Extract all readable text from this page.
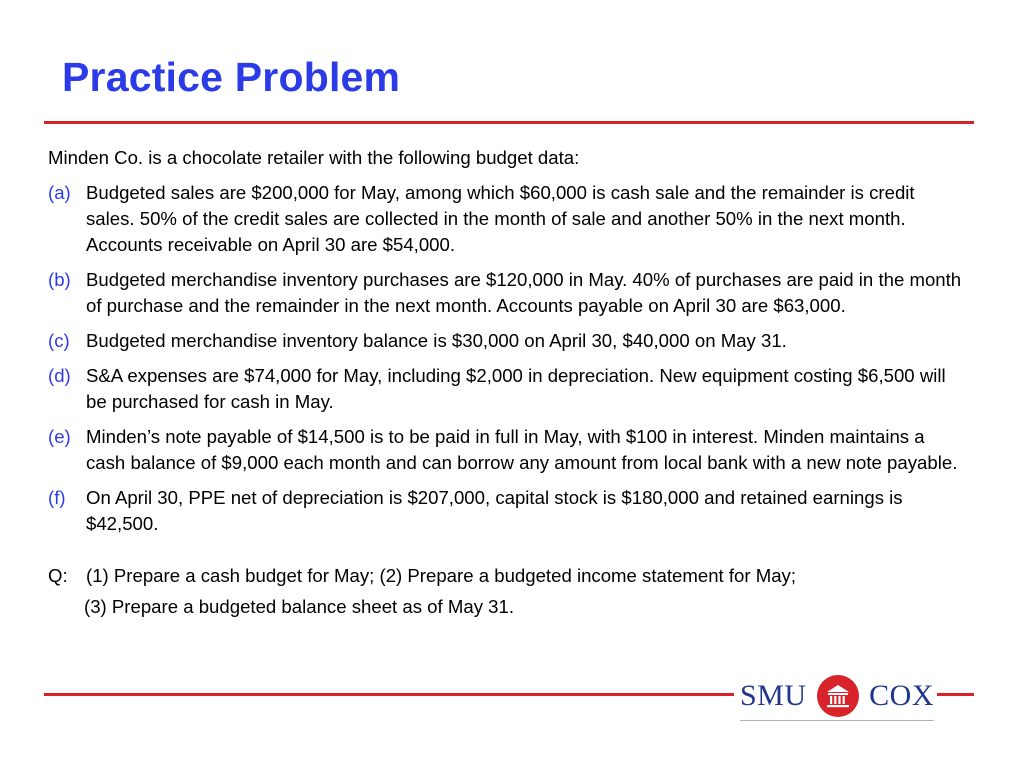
Practice Problem
Minden Co. is a chocolate retailer with the following budget data:
(a) Budgeted sales are $200,000 for May, among which $60,000 is cash sale and the remainder is credit sales. 50% of the credit sales are collected in the month of sale and another 50% in the next month. Accounts receivable on April 30 are $54,000.
(b) Budgeted merchandise inventory purchases are $120,000 in May. 40% of purchases are paid in the month of purchase and the remainder in the next month. Accounts payable on April 30 are $63,000.
(c) Budgeted merchandise inventory balance is $30,000 on April 30, $40,000 on May 31.
(d) S&A expenses are $74,000 for May, including $2,000 in depreciation. New equipment costing $6,500 will be purchased for cash in May.
(e) Minden’s note payable of $14,500 is to be paid in full in May, with $100 in interest. Minden maintains a cash balance of $9,000 each month and can borrow any amount from local bank with a new note payable.
(f)	On April 30, PPE net of depreciation is $207,000, capital stock is $180,000 and retained earnings is $42,500.
Q: (1) Prepare a cash budget for May; (2) Prepare a budgeted income statement for May;
(3) Prepare a budgeted balance sheet as of May 31.
SMU COX
